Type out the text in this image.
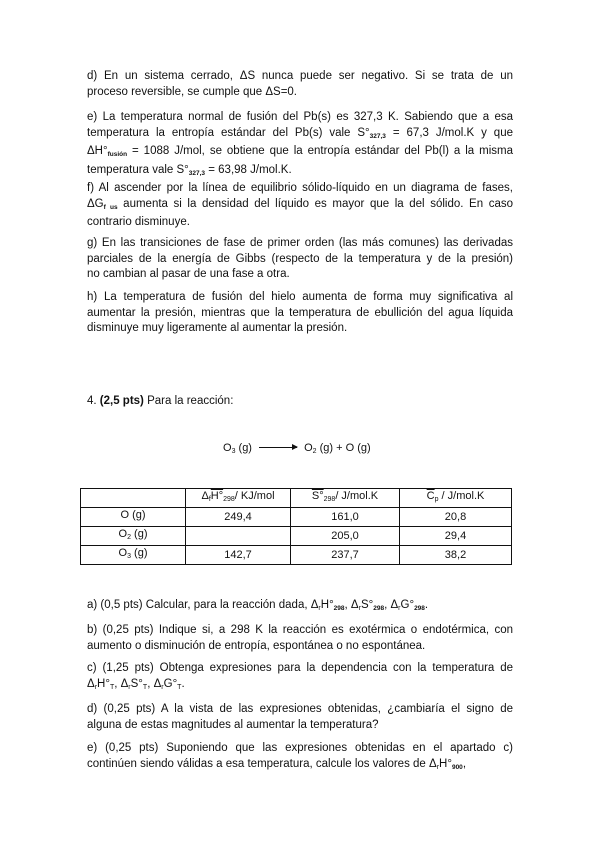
d) En un sistema cerrado, ΔS nunca puede ser negativo. Si se trata de un
proceso reversible, se cumple que ΔS=0.

e) La temperatura normal de fusión del Pb(s) es 327,3 K. Sabiendo que a esa
temperatura la entropía estándar del Pb(s) vale $S^\circ_{327,3} = 67,3$ J/mol.K y que
$\Delta H^\circ_{fusión} = 1088$ J/mol, se obtiene que la entropía estándar del Pb(l) a la misma
temperatura vale $S^\circ_{327,3} = 63,98$ J/mol.K.

f) Al ascender por la línea de equilibrio sólido-líquido en un diagrama de fases,
$\Delta G_{f us}$ aumenta si la densidad del líquido es mayor que la del sólido. En caso
contrario disminuye.

g) En las transiciones de fase de primer orden (las más comunes) las derivadas
parciales de la energía de Gibbs (respecto de la temperatura y de la presión)
no cambian al pasar de una fase a otra.

h) La temperatura de fusión del hielo aumenta de forma muy significativa al
aumentar la presión, mientras que la temperatura de ebullición del agua líquida
disminuye muy ligeramente al aumentar la presión.

4. (2,5 pts) Para la reacción:
O3 (g) → O2 (g) + O (g)
	ΔfH°298/ KJ/mol	S°298/ J/mol.K	$\overline{C}p / J/mol.K$
O (g)	249,4	161,0	20,8
O2 (g)		205,0	29,4
O3 (g)	142,7	237,7	38,2

a) (0,5 pts) Calcular, para la reacción dada, $\Delta rH^\circ_{298}$, $\Delta rS^\circ_{298}$, $\Delta rG^\circ_{298}$.

b) (0,25 pts) Indique si, a 298 K la reacción es exotérmica o endotérmica, con
aumento o disminución de entropía, espontánea o no espontánea.

c) (1,25 pts) Obtenga expresiones para la dependencia con la temperatura de
ΔrH°T, ΔrS°T, ΔrG°T.

d) (0,25 pts) A la vista de las expresiones obtenidas, ¿cambiaría el signo de
alguna de estas magnitudes al aumentar la temperatura?

e) (0,25 pts) Suponiendo que las expresiones obtenidas en el apartado c)
continúen siendo válidas a esa temperatura, calcule los valores de $\Delta rH^\circ_{900}$,
